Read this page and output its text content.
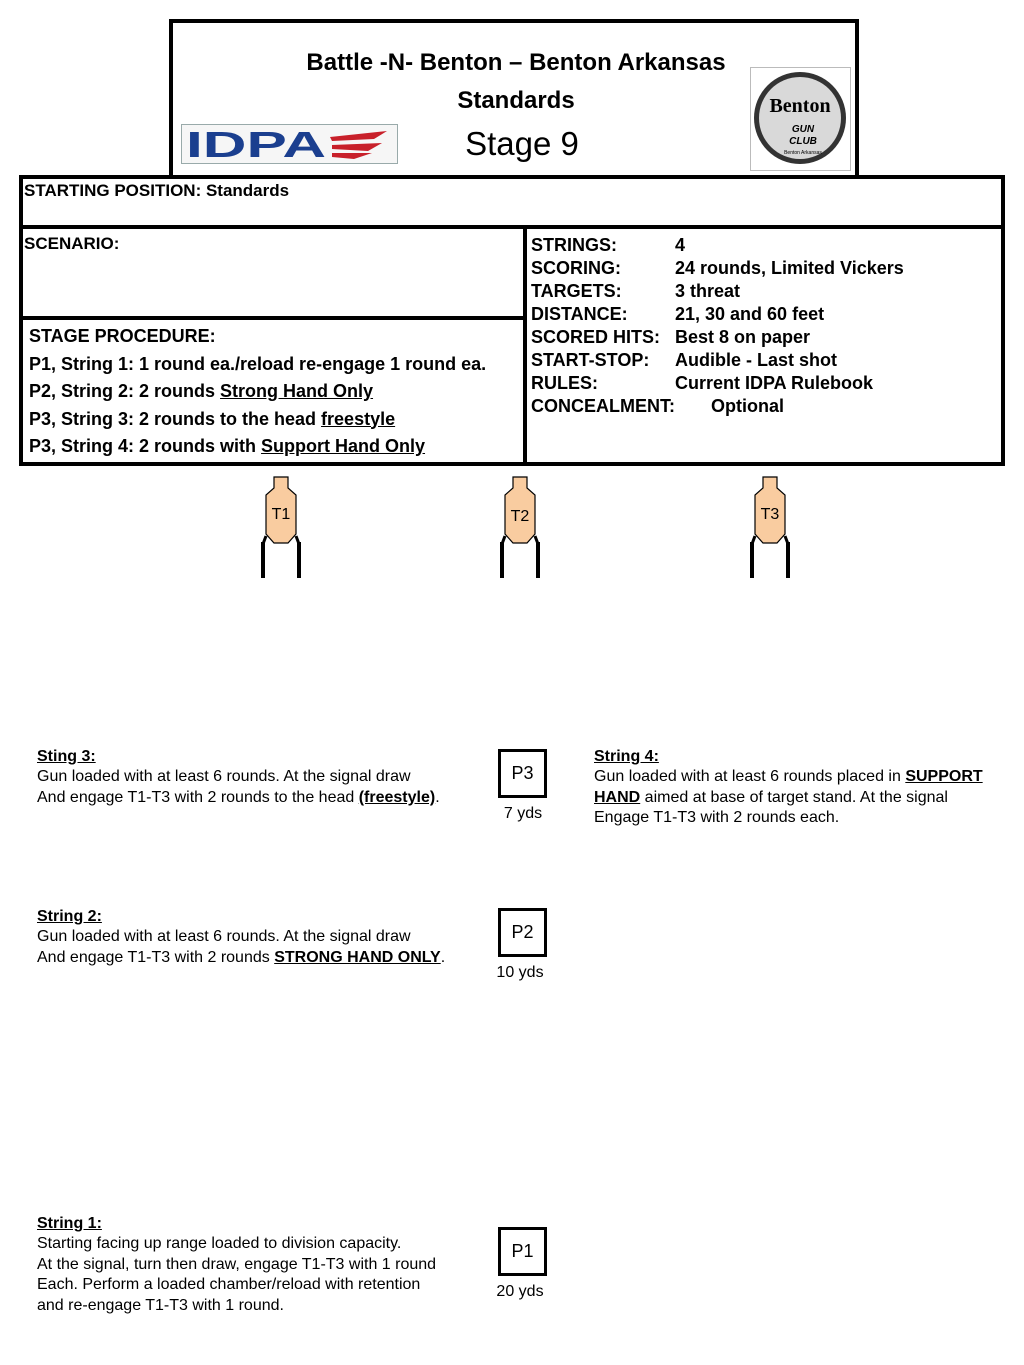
Battle -N- Benton – Benton Arkansas
Standards
Stage 9
IDPA
Benton
GUN
CLUB
Benton Arkansas
STARTING POSITION: Standards
SCENARIO:
STAGE PROCEDURE:
P1, String 1: 1 round ea./reload re-engage 1 round ea.
P2, String 2: 2 rounds Strong Hand Only
P3, String 3: 2 rounds to the head freestyle
P3, String 4: 2 rounds with Support Hand Only
STRINGS:	4
SCORING:	24 rounds, Limited Vickers
TARGETS:	3 threat
DISTANCE:	21, 30 and 60 feet
SCORED HITS: Best 8 on paper
START-STOP: Audible - Last shot
RULES:	Current IDPA Rulebook
CONCEALMENT: Optional
T1	T2	T3
Sting 3:
Gun loaded with at least 6 rounds. At the signal draw
And engage T1-T3 with 2 rounds to the head (freestyle).
String 4:
Gun loaded with at least 6 rounds placed in SUPPORT
HAND aimed at base of target stand. At the signal
Engage T1-T3 with 2 rounds each.
String 2:
Gun loaded with at least 6 rounds. At the signal draw
And engage T1-T3 with 2 rounds STRONG HAND ONLY.
String 1:
Starting facing up range loaded to division capacity.
At the signal, turn then draw, engage T1-T3 with 1 round
Each. Perform a loaded chamber/reload with retention
and re-engage T1-T3 with 1 round.
P3
7 yds
P2
10 yds
P1
20 yds
